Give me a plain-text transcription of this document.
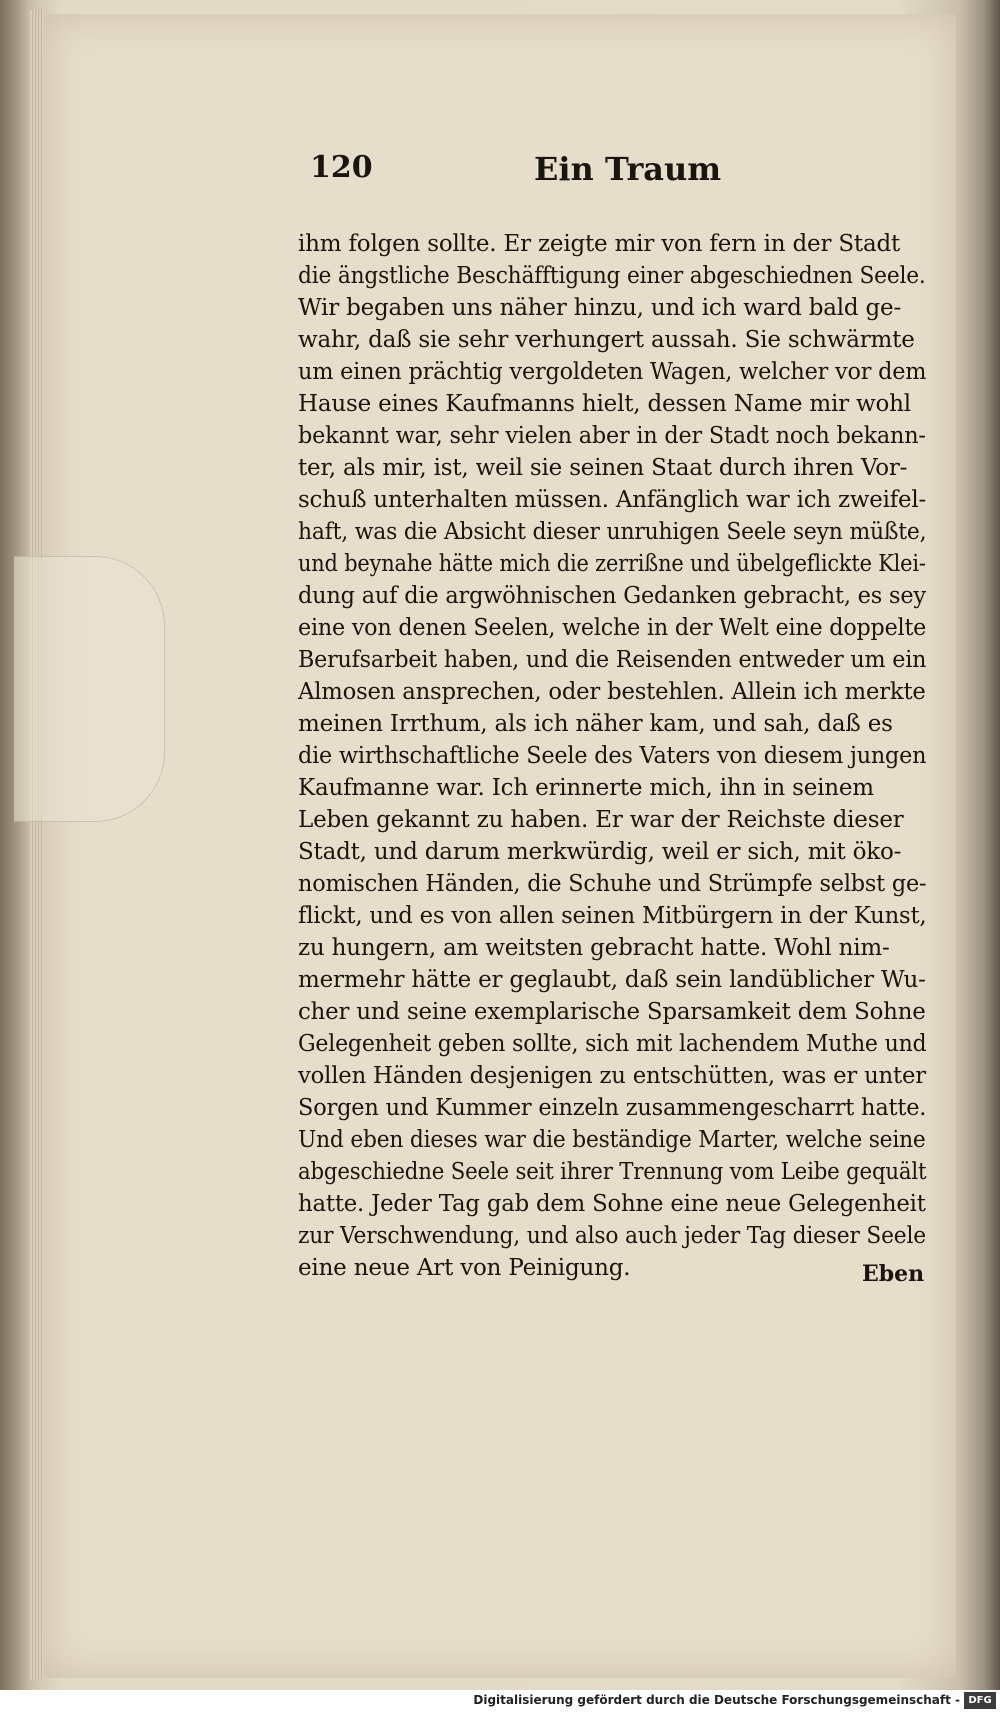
120	Ein Traum
ihm folgen sollte. Er zeigte mir von fern in der Stadt
die ängstliche Beschäfftigung einer abgeschiednen Seele.
Wir begaben uns näher hinzu, und ich ward bald ge-
wahr, daß sie sehr verhungert aussah. Sie schwärmte
um einen prächtig vergoldeten Wagen, welcher vor dem
Hause eines Kaufmanns hielt, dessen Name mir wohl
bekannt war, sehr vielen aber in der Stadt noch bekann-
ter, als mir, ist, weil sie seinen Staat durch ihren Vor-
schuß unterhalten müssen. Anfänglich war ich zweifel-
haft, was die Absicht dieser unruhigen Seele seyn müßte,
und beynahe hätte mich die zerrißne und übelgeflickte Klei-
dung auf die argwöhnischen Gedanken gebracht, es sey
eine von denen Seelen, welche in der Welt eine doppelte
Berufsarbeit haben, und die Reisenden entweder um ein
Almosen ansprechen, oder bestehlen. Allein ich merkte
meinen Irrthum, als ich näher kam, und sah, daß es
die wirthschaftliche Seele des Vaters von diesem jungen
Kaufmanne war. Ich erinnerte mich, ihn in seinem
Leben gekannt zu haben. Er war der Reichste dieser
Stadt, und darum merkwürdig, weil er sich, mit öko-
nomischen Händen, die Schuhe und Strümpfe selbst ge-
flickt, und es von allen seinen Mitbürgern in der Kunst,
zu hungern, am weitsten gebracht hatte. Wohl nim-
mermehr hätte er geglaubt, daß sein landüblicher Wu-
cher und seine exemplarische Sparsamkeit dem Sohne
Gelegenheit geben sollte, sich mit lachendem Muthe und
vollen Händen desjenigen zu entschütten, was er unter
Sorgen und Kummer einzeln zusammengescharrt hatte.
Und eben dieses war die beständige Marter, welche seine
abgeschiedne Seele seit ihrer Trennung vom Leibe gequält
hatte. Jeder Tag gab dem Sohne eine neue Gelegenheit
zur Verschwendung, und also auch jeder Tag dieser Seele
eine neue Art von Peinigung.	Eben
Digitalisierung gefördert durch die Deutsche Forschungsgemeinschaft - DFG
